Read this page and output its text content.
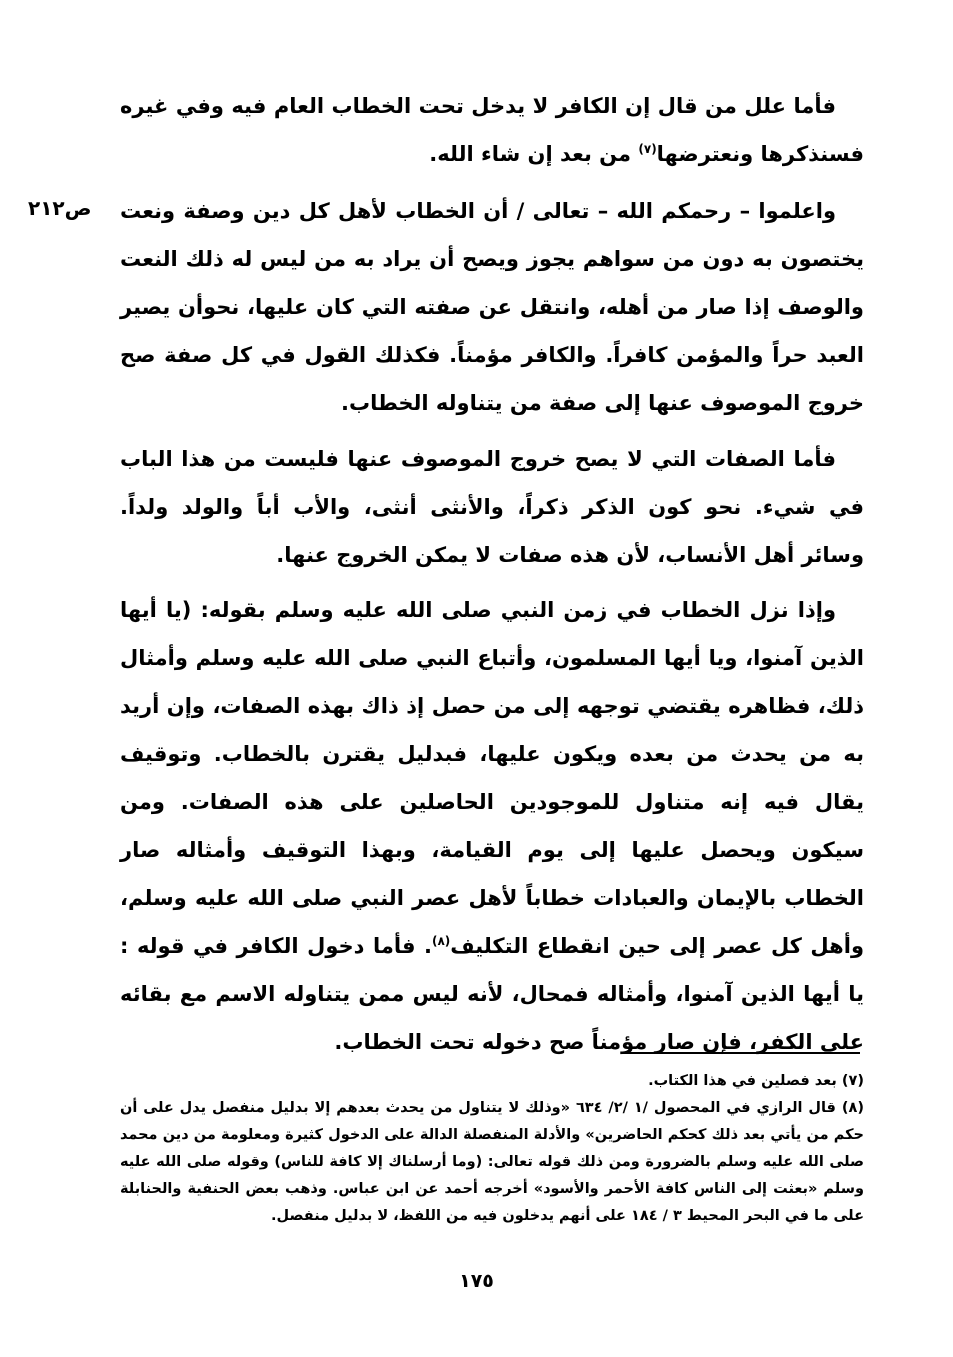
فأما علل من قال إن الكافر لا يدخل تحت الخطاب العام فيه وفي غيره فسنذكرها ونعترضها$^{(٧)}$ من بعد إن شاء الله.

ص٢١٢	واعلموا – رحمكم الله – تعالى / أن الخطاب لأهل كل دين وصفة ونعت يختصون به دون من سواهم يجوز ويصح أن يراد به من ليس له ذلك النعت والوصف إذا صار من أهله، وانتقل عن صفته التي كان عليها، نحوأن يصير العبد حراً والمؤمن كافراً. والكافر مؤمناً. فكذلك القول في كل صفة صح خروج الموصوف عنها إلى صفة من يتناوله الخطاب.

فأما الصفات التي لا يصح خروج الموصوف عنها فليست من هذا الباب في شيء. نحو كون الذكر ذكراً، والأنثى أنثى، والأب أباً والولد ولداً. وسائر أهل الأنساب، لأن هذه صفات لا يمكن الخروج عنها.

وإذا نزل الخطاب في زمن النبي صلى الله عليه وسلم بقوله: (يا أيها الذين آمنوا، ويا أيها المسلمون، وأتباع النبي صلى الله عليه وسلم وأمثال ذلك، فظاهره يقتضي توجهه إلى من حصل إذ ذاك بهذه الصفات، وإن أريد به من يحدث من بعده ويكون عليها، فبدليل يقترن بالخطاب. وتوقيف يقال فيه إنه متناول للموجودين الحاصلين على هذه الصفات. ومن سيكون ويحصل عليها إلى يوم القيامة، وبهذا التوقيف وأمثاله صار الخطاب بالإيمان والعبادات خطاباً لأهل عصر النبي صلى الله عليه وسلم، وأهل كل عصر إلى حين انقطاع التكليف$^{(٨)}$. فأما دخول الكافر في قوله : يا أيها الذين آمنوا، وأمثاله فمحال، لأنه ليس ممن يتناوله الاسم مع بقائه على الكفر، فإن صار مؤمناً صح دخوله تحت الخطاب.

(٧) بعد فصلين في هذا الكتاب.

(٨) قال الرازي في المحصول /١ /٢/ ٦٣٤ «وذلك لا يتناول من يحدث بعدهم إلا بدليل منفصل يدل على أن حكم من يأتي بعد ذلك كحكم الحاضرين» والأدلة المنفصلة الدالة على الدخول كثيرة ومعلومة من دين محمد صلى الله عليه وسلم بالضرورة ومن ذلك قوله تعالى: (وما أرسلناك إلا كافة للناس) وقوله صلى الله عليه وسلم «بعثت إلى الناس كافة الأحمر والأسود» أخرجه أحمد عن ابن عباس. وذهب بعض الحنفية والحنابلة على ما في البحر المحيط ٣ / ١٨٤ على أنهم يدخلون فيه من اللفظ، لا بدليل منفصل.

١٧٥
